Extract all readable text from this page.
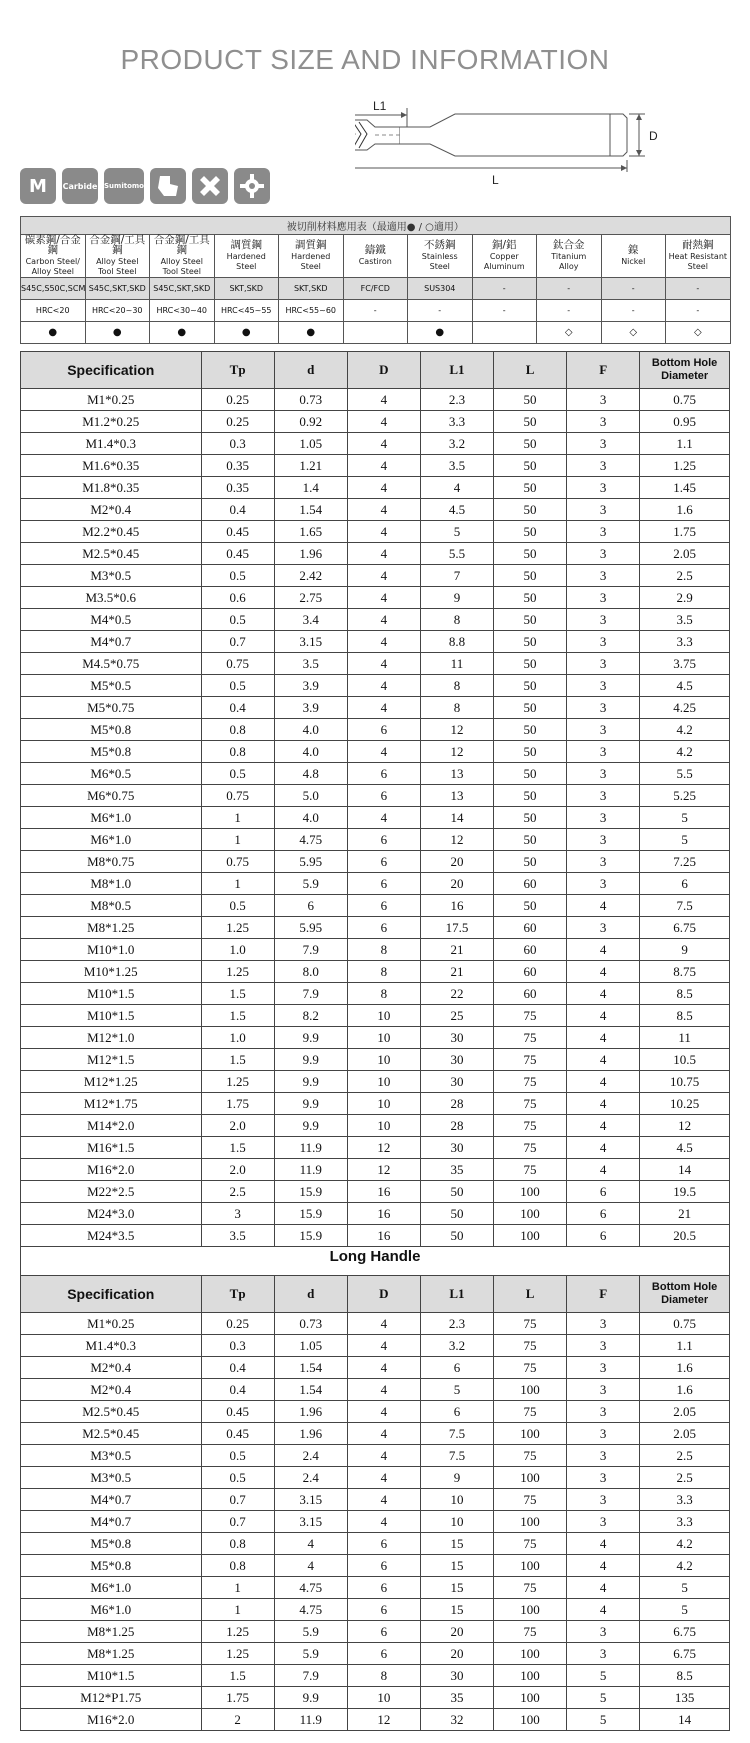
PRODUCT SIZE AND INFORMATION
L1
L
D
M	Carbide Sumitomo
被切削材料應用表（最適用● / ○適用）										

碳素鋼/合金鋼
Carbon Steel/
Alloy Steel	合金鋼/工具鋼
Alloy Steel
Tool Steel	合金鋼/工具鋼
Alloy Steel
Tool Steel	調質鋼
Hardened
Steel	調質鋼
Hardened
Steel	鑄鐵
Castiron	不銹鋼
Stainless
Steel	銅/鋁
Copper
Aluminum	鈦合金
Titanium
Alloy	鎳
Nickel	耐熱鋼
Heat Resistant
Steel
S45C,S50C,SCM	S45C,SKT,SKD	S45C,SKT,SKD	SKT,SKD	SKT,SKD	FC/FCD	SUS304	-	-	-	-
HRC<20	HRC<20~30	HRC<30~40	HRC<45~55	HRC<55~60	-	-	-	-	-	-
●	●	●	●	●		●		◇	◇	◇
Specification	Tp	d	D	L1	L	F	Bottom Hole Diameter
M1*0.25	0.25	0.73	4	2.3	50	3	0.75
M1.2*0.25	0.25	0.92	4	3.3	50	3	0.95
M1.4*0.3	0.3	1.05	4	3.2	50	3	1.1
M1.6*0.35	0.35	1.21	4	3.5	50	3	1.25
M1.8*0.35	0.35	1.4	4	4	50	3	1.45
M2*0.4	0.4	1.54	4	4.5	50	3	1.6
M2.2*0.45	0.45	1.65	4	5	50	3	1.75
M2.5*0.45	0.45	1.96	4	5.5	50	3	2.05
M3*0.5	0.5	2.42	4	7	50	3	2.5
M3.5*0.6	0.6	2.75	4	9	50	3	2.9
M4*0.5	0.5	3.4	4	8	50	3	3.5
M4*0.7	0.7	3.15	4	8.8	50	3	3.3
M4.5*0.75	0.75	3.5	4	11	50	3	3.75
M5*0.5	0.5	3.9	4	8	50	3	4.5
M5*0.75	0.4	3.9	4	8	50	3	4.25
M5*0.8	0.8	4.0	6	12	50	3	4.2
M5*0.8	0.8	4.0	4	12	50	3	4.2
M6*0.5	0.5	4.8	6	13	50	3	5.5
M6*0.75	0.75	5.0	6	13	50	3	5.25
M6*1.0	1	4.0	4	14	50	3	5
M6*1.0	1	4.75	6	12	50	3	5
M8*0.75	0.75	5.95	6	20	50	3	7.25
M8*1.0	1	5.9	6	20	60	3	6
M8*0.5	0.5	6	6	16	50	4	7.5
M8*1.25	1.25	5.95	6	17.5	60	3	6.75
M10*1.0	1.0	7.9	8	21	60	4	9
M10*1.25	1.25	8.0	8	21	60	4	8.75
M10*1.5	1.5	7.9	8	22	60	4	8.5
M10*1.5	1.5	8.2	10	25	75	4	8.5
M12*1.0	1.0	9.9	10	30	75	4	11
M12*1.5	1.5	9.9	10	30	75	4	10.5
M12*1.25	1.25	9.9	10	30	75	4	10.75
M12*1.75	1.75	9.9	10	28	75	4	10.25
M14*2.0	2.0	9.9	10	28	75	4	12
M16*1.5	1.5	11.9	12	30	75	4	4.5
M16*2.0	2.0	11.9	12	35	75	4	14
M22*2.5	2.5	15.9	16	50	100	6	19.5
M24*3.0	3	15.9	16	50	100	6	21
M24*3.5	3.5	15.9	16	50	100	6	20.5
Long Handle
Specification	Tp	d	D	L1	L	F	Bottom Hole Diameter
M1*0.25	0.25	0.73	4	2.3	75	3	0.75
M1.4*0.3	0.3	1.05	4	3.2	75	3	1.1
M2*0.4	0.4	1.54	4	6	75	3	1.6
M2*0.4	0.4	1.54	4	5	100	3	1.6
M2.5*0.45	0.45	1.96	4	6	75	3	2.05
M2.5*0.45	0.45	1.96	4	7.5	100	3	2.05
M3*0.5	0.5	2.4	4	7.5	75	3	2.5
M3*0.5	0.5	2.4	4	9	100	3	2.5
M4*0.7	0.7	3.15	4	10	75	3	3.3
M4*0.7	0.7	3.15	4	10	100	3	3.3
M5*0.8	0.8	4	6	15	75	4	4.2
M5*0.8	0.8	4	6	15	100	4	4.2
M6*1.0	1	4.75	6	15	75	4	5
M6*1.0	1	4.75	6	15	100	4	5
M8*1.25	1.25	5.9	6	20	75	3	6.75
M8*1.25	1.25	5.9	6	20	100	3	6.75
M10*1.5	1.5	7.9	8	30	100	5	8.5
M12*P1.75	1.75	9.9	10	35	100	5	135
M16*2.0	2	11.9	12	32	100	5	14
